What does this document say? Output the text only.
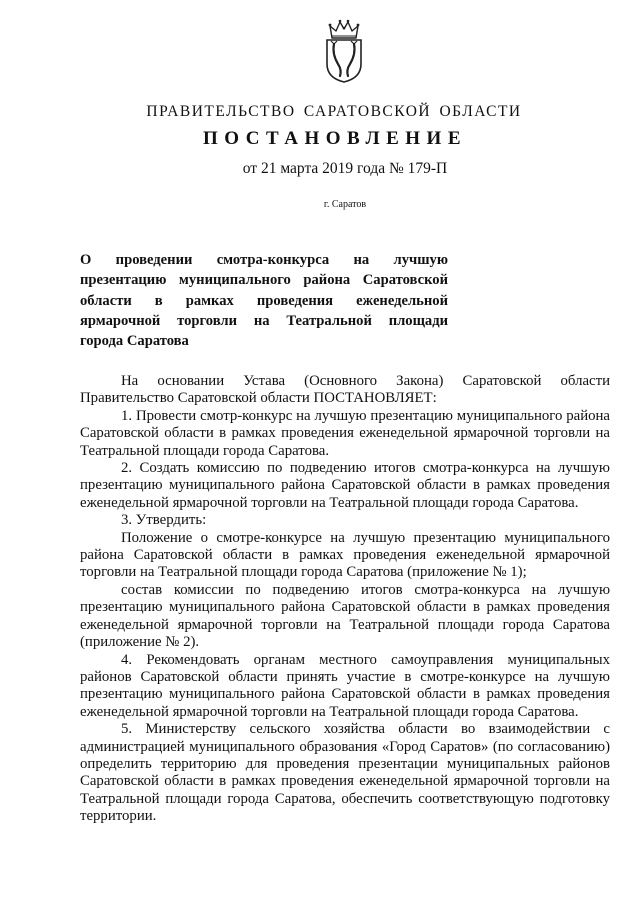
ПРАВИТЕЛЬСТВО САРАТОВСКОЙ ОБЛАСТИ
ПОСТАНОВЛЕНИЕ
от 21 марта 2019 года № 179-П
г. Саратов
О проведении смотра-конкурса на лучшую
презентацию муниципального района Саратовской
области в рамках проведения еженедельной
ярмарочной торговли на Театральной площади
города Саратова

На основании Устава (Основного Закона) Саратовской области Правительство Саратовской области ПОСТАНОВЛЯЕТ:

1. Провести смотр-конкурс на лучшую презентацию муниципального района Саратовской области в рамках проведения еженедельной ярмарочной торговли на Театральной площади города Саратова.

2. Создать комиссию по подведению итогов смотра-конкурса на лучшую презентацию муниципального района Саратовской области в рамках проведения еженедельной ярмарочной торговли на Театральной площади города Саратова.

3. Утвердить:

Положение о смотре-конкурсе на лучшую презентацию муниципального района Саратовской области в рамках проведения еженедельной ярмарочной торговли на Театральной площади города Саратова (приложение № 1);

состав комиссии по подведению итогов смотра-конкурса на лучшую презентацию муниципального района Саратовской области в рамках проведения еженедельной ярмарочной торговли на Театральной площади города Саратова (приложение № 2).

4. Рекомендовать органам местного самоуправления муниципальных районов Саратовской области принять участие в смотре-конкурсе на лучшую презентацию муниципального района Саратовской области в рамках проведения еженедельной ярмарочной торговли на Театральной площади города Саратова.

5. Министерству сельского хозяйства области во взаимодействии с администрацией муниципального образования «Город Саратов» (по согласованию) определить территорию для проведения презентации муниципальных районов Саратовской области в рамках проведения еженедельной ярмарочной торговли на Театральной площади города Саратова, обеспечить соответствующую подготовку территории.
